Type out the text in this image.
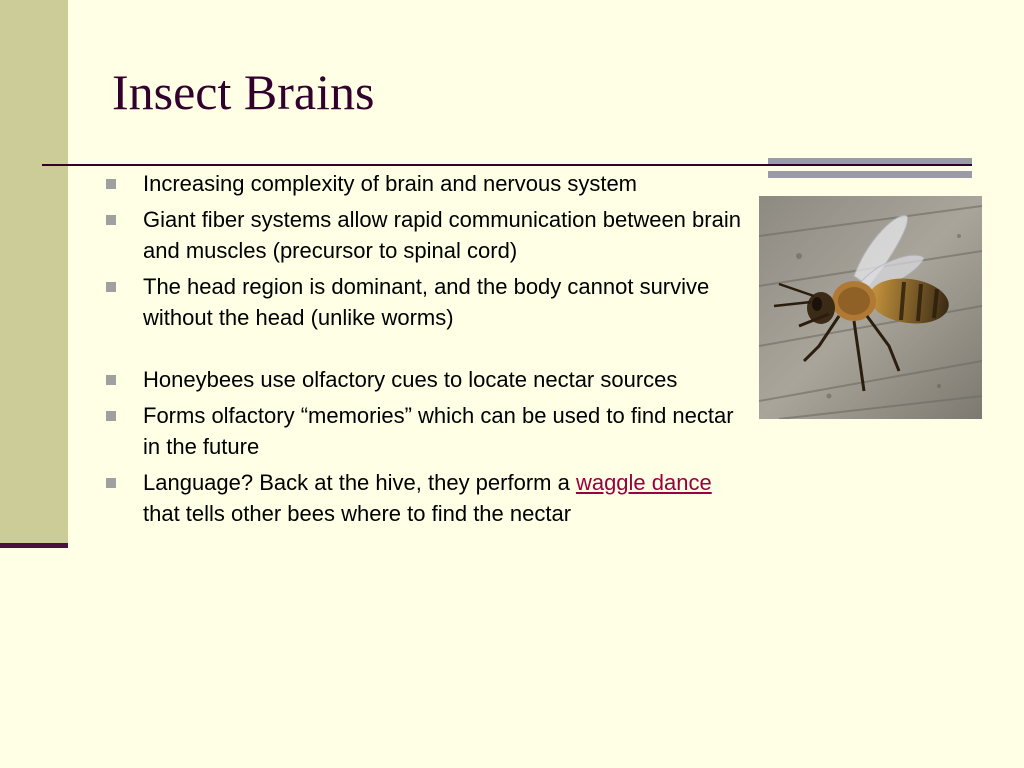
Insect Brains
Increasing complexity of brain and nervous system
Giant fiber systems allow rapid communication between brain and muscles (precursor to spinal cord)
The head region is dominant, and the body cannot survive without the head (unlike worms)
Honeybees use olfactory cues to locate nectar sources
Forms olfactory “memories” which can be used to find nectar in the future
Language? Back at the hive, they perform a waggle dance that tells other bees where to find the nectar
